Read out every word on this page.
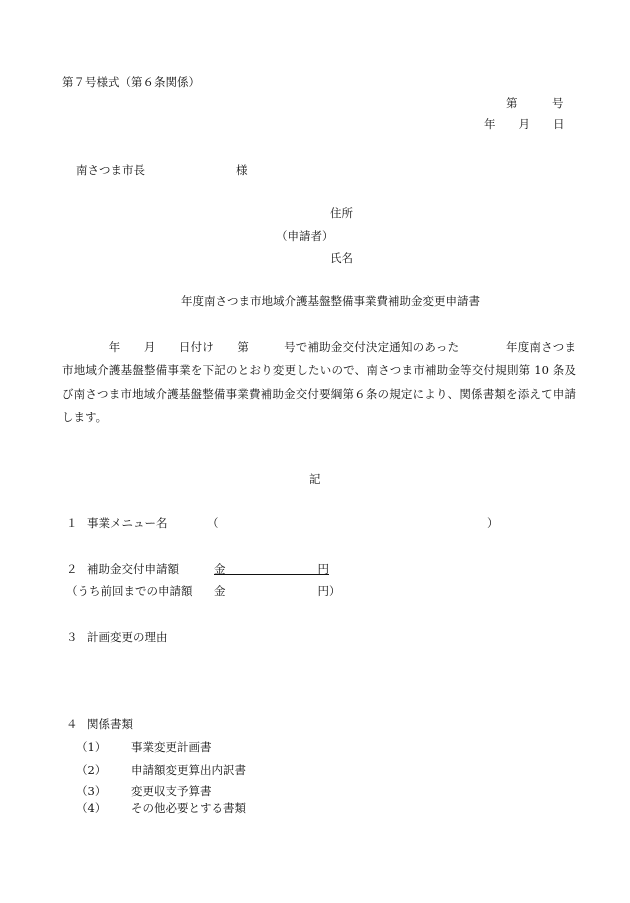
第７号様式（第６条関係）
第　　　号
年　　月　　日
南さつま市長	様
住所
（申請者）
氏名
年度南さつま市地域介護基盤整備事業費補助金変更申請書
　　　　年　　月　　日付け　　第　　　号で補助金交付決定通知のあった　　　　年度南さつま市地域介護基盤整備事業を下記のとおり変更したいので、南さつま市補助金等交付規則第 10 条及び南さつま市地域介護基盤整備事業費補助金交付要綱第６条の規定により、関係書類を添えて申請します。
記
１ 事業メニュー名	（	）
２ 補助金交付申請額	金　　　　　　　　円
（うち前回までの申請額 金　　　　　　　　円）
３ 計画変更の理由
４ 関係書類
（1） 事業変更計画書
（2） 申請額変更算出内訳書
（3） 変更収支予算書
（4） その他必要とする書類
